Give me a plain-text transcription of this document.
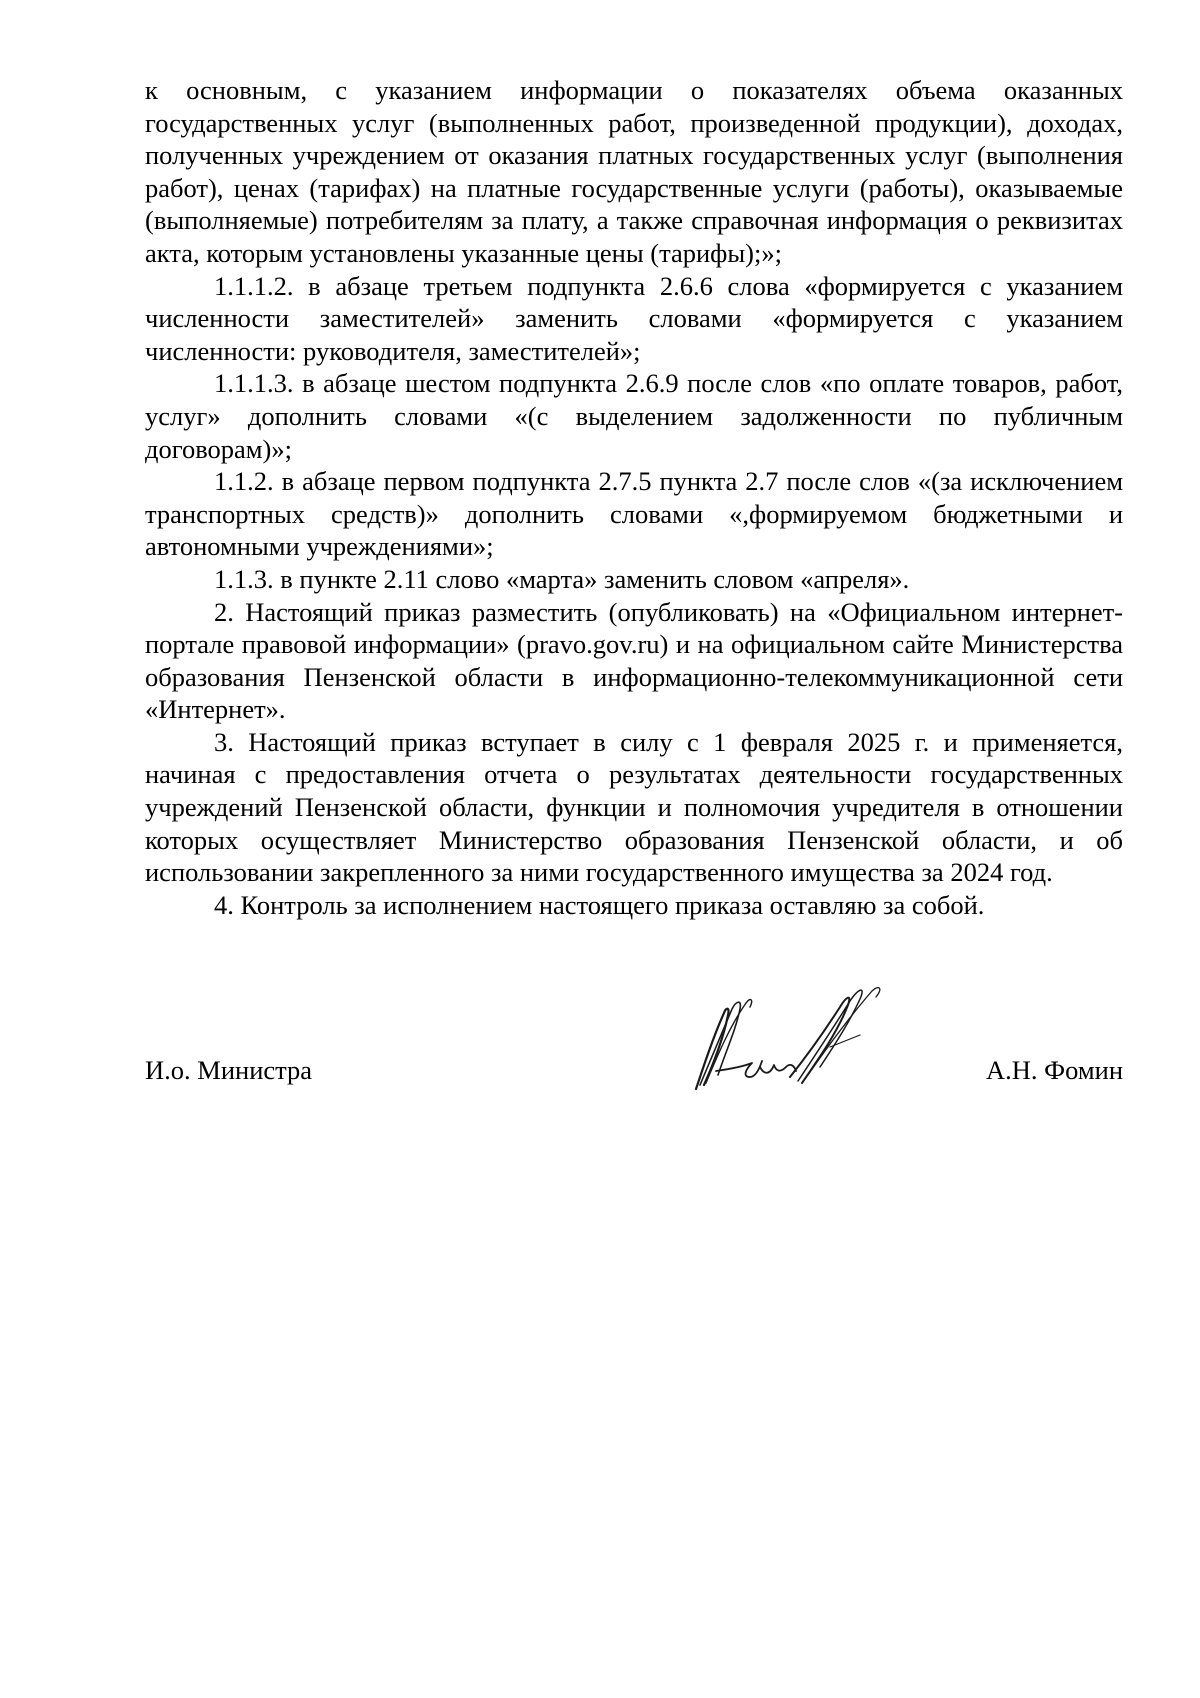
к основным, с указанием информации о показателях объема оказанных государственных услуг (выполненных работ, произведенной продукции), доходах, полученных учреждением от оказания платных государственных услуг (выполнения работ), ценах (тарифах) на платные государственные услуги (работы), оказываемые (выполняемые) потребителям за плату, а также справочная информация о реквизитах акта, которым установлены указанные цены (тарифы);»;

1.1.1.2. в абзаце третьем подпункта 2.6.6 слова «формируется с указанием численности заместителей» заменить словами «формируется с указанием численности: руководителя, заместителей»;

1.1.1.3. в абзаце шестом подпункта 2.6.9 после слов «по оплате товаров, работ, услуг» дополнить словами «(с выделением задолженности по публичным договорам)»;

1.1.2. в абзаце первом подпункта 2.7.5 пункта 2.7 после слов «(за исключением транспортных средств)» дополнить словами «,формируемом бюджетными и автономными учреждениями»;

1.1.3. в пункте 2.11 слово «марта» заменить словом «апреля».

2. Настоящий приказ разместить (опубликовать) на «Официальном интернет-портале правовой информации» (pravo.gov.ru) и на официальном сайте Министерства образования Пензенской области в информационно-телекоммуникационной сети «Интернет».

3. Настоящий приказ вступает в силу с 1 февраля 2025 г. и применяется, начиная с предоставления отчета о результатах деятельности государственных учреждений Пензенской области, функции и полномочия учредителя в отношении которых осуществляет Министерство образования Пензенской области, и об использовании закрепленного за ними государственного имущества за 2024 год.

4. Контроль за исполнением настоящего приказа оставляю за собой.

И.о. Министра	А.Н. Фомин
